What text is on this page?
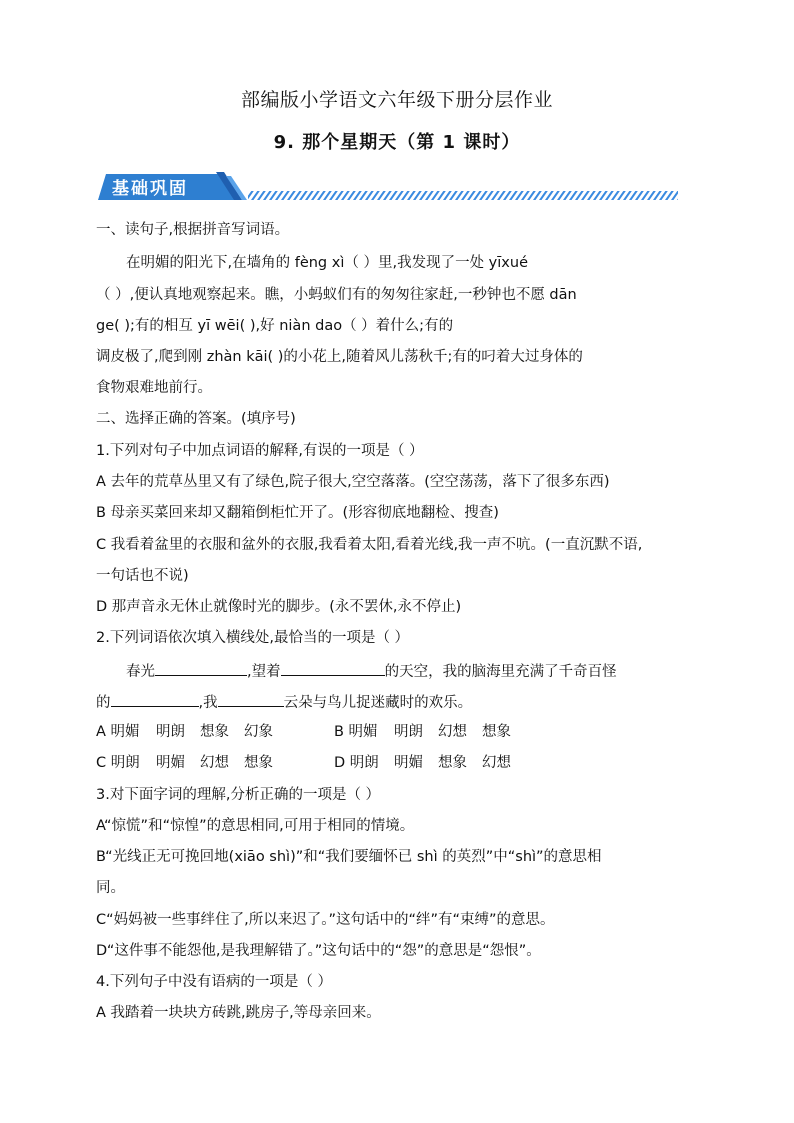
部编版小学语文六年级下册分层作业
9. 那个星期天（第 1 课时）
基础巩固
一、读句子,根据拼音写词语。
在明媚的阳光下,在墙角的 fèng xì（ ）里,我发现了一处 yīxué
（ ）,便认真地观察起来。瞧，小蚂蚁们有的匆匆往家赶,一秒钟也不愿 dān
ge( );有的相互 yī wēi( ),好 niàn dao（ ）着什么;有的
调皮极了,爬到刚 zhàn kāi( )的小花上,随着风儿荡秋千;有的叼着大过身体的
食物艰难地前行。
二、选择正确的答案。(填序号)
1.下列对句子中加点词语的解释,有误的一项是（ ）
A 去年的荒草丛里又有了绿色,院子很大,空空落落。(空空荡荡，落下了很多东西)
B 母亲买菜回来却又翻箱倒柜忙开了。(形容彻底地翻检、搜查)
C 我看着盆里的衣服和盆外的衣服,我看着太阳,看着光线,我一声不吭。(一直沉默不语,
一句话也不说)
D 那声音永无休止就像时光的脚步。(永不罢休,永不停止)
2.下列词语依次填入横线处,最恰当的一项是（ ）
春光	,望着	的天空，我的脑海里充满了千奇百怪
的	,我	云朵与鸟儿捉迷藏时的欢乐。
A 明媚 明朗 想象 幻象	B 明媚 明朗 幻想 想象
C 明朗 明媚 幻想 想象	D 明朗 明媚 想象 幻想
3.对下面字词的理解,分析正确的一项是（ ）
A“惊慌”和“惊惶”的意思相同,可用于相同的情境。
B“光线正无可挽回地(xiāo shì)”和“我们要缅怀已 shì 的英烈”中“shì”的意思相
同。
C“妈妈被一些事绊住了,所以来迟了。”这句话中的“绊”有“束缚”的意思。
D“这件事不能怨他,是我理解错了。”这句话中的“怨”的意思是“怨恨”。
4.下列句子中没有语病的一项是（ ）
A 我踏着一块块方砖跳,跳房子,等母亲回来。
